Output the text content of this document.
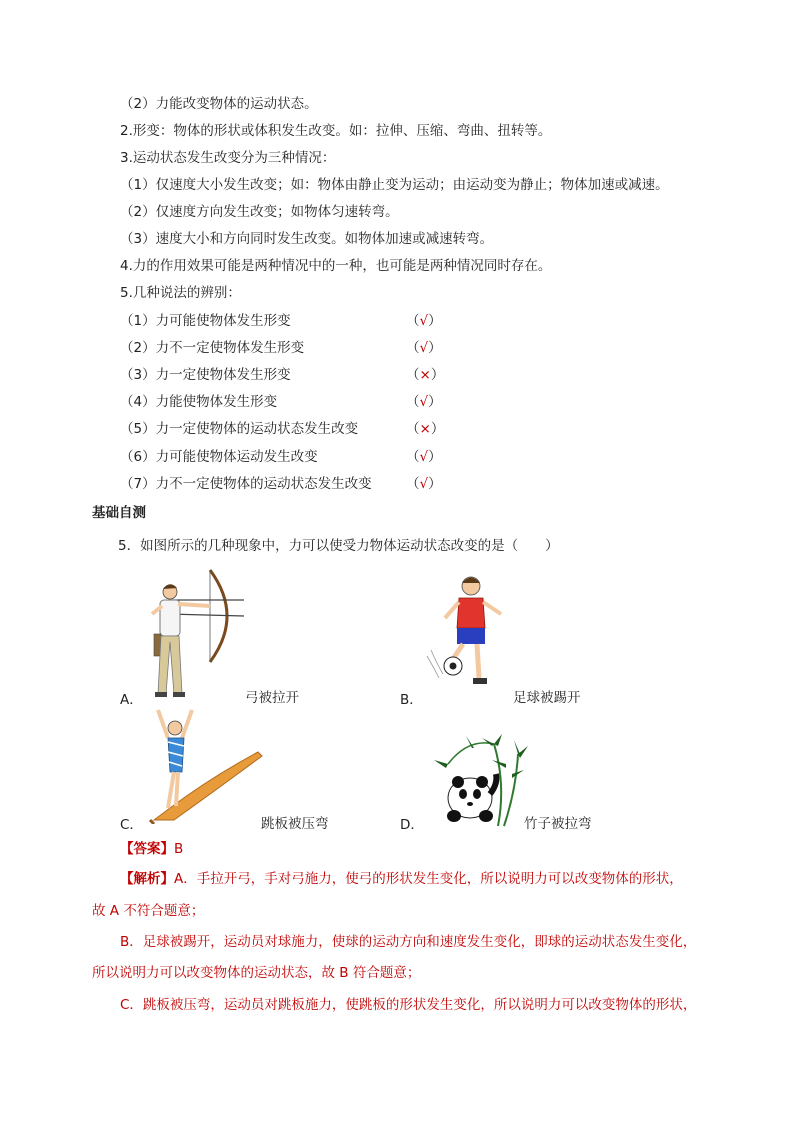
（2）力能改变物体的运动状态。
2.形变：物体的形状或体积发生改变。如：拉伸、压缩、弯曲、扭转等。
3.运动状态发生改变分为三种情况：
（1）仅速度大小发生改变；如：物体由静止变为运动；由运动变为静止；物体加速或减速。
（2）仅速度方向发生改变；如物体匀速转弯。
（3）速度大小和方向同时发生改变。如物体加速或减速转弯。
4.力的作用效果可能是两种情况中的一种，也可能是两种情况同时存在。
5.几种说法的辨别：
（1）力可能使物体发生形变	（√）
（2）力不一定使物体发生形变	（√）
（3）力一定使物体发生形变	（×）
（4）力能使物体发生形变	（√）
（5）力一定使物体的运动状态发生改变	（×）
（6）力可能使物体运动发生改变	（√）
（7）力不一定使物体的运动状态发生改变	（√）
基础自测
5．如图所示的几种现象中，力可以使受力物体运动状态改变的是（　　）
A．	弓被拉开	B．	足球被踢开
C．	跳板被压弯	D．	竹子被拉弯
【答案】B
【解析】A．手拉开弓，手对弓施力，使弓的形状发生变化，所以说明力可以改变物体的形状，
故 A 不符合题意；
B．足球被踢开，运动员对球施力，使球的运动方向和速度发生变化，即球的运动状态发生变化，
所以说明力可以改变物体的运动状态，故 B 符合题意；
C．跳板被压弯，运动员对跳板施力，使跳板的形状发生变化，所以说明力可以改变物体的形状，
